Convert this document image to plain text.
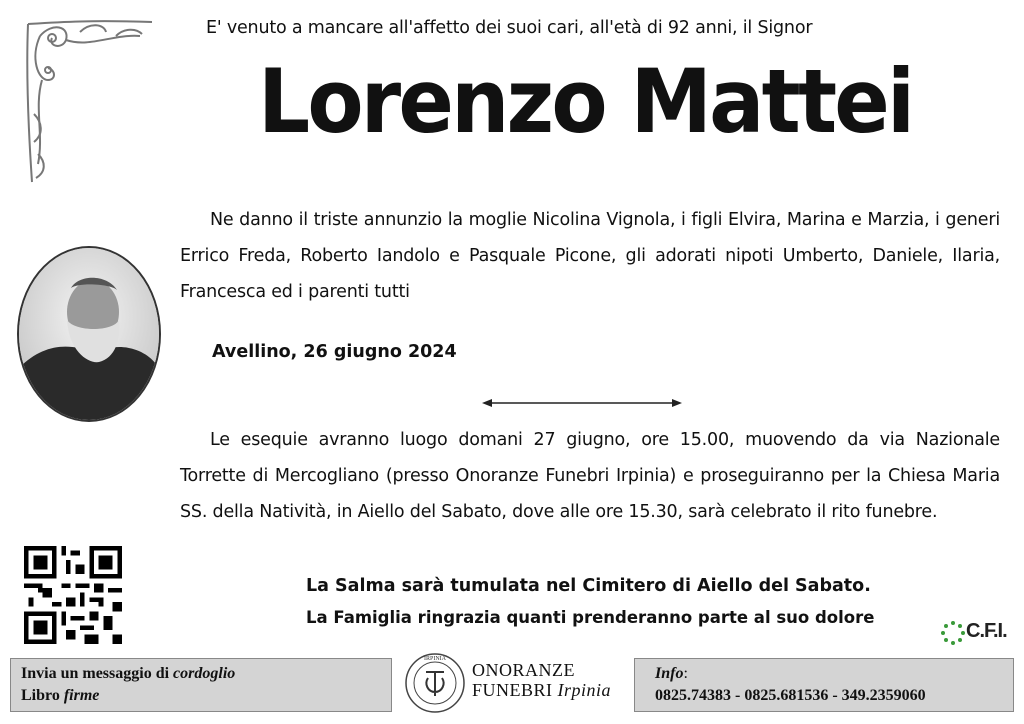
E' venuto a mancare all'affetto dei suoi cari, all'età di 92 anni, il Signor
Lorenzo Mattei
Ne danno il triste annunzio la moglie Nicolina Vignola, i figli Elvira, Marina e Marzia, i generi Errico Freda, Roberto Iandolo e Pasquale Picone, gli adorati nipoti Umberto, Daniele, Ilaria, Francesca ed i parenti tutti
Avellino, 26 giugno 2024
Le esequie avranno luogo domani 27 giugno, ore 15.00, muovendo da via Nazionale Torrette di Mercogliano (presso Onoranze Funebri Irpinia) e proseguiranno per la Chiesa Maria SS. della Natività, in Aiello del Sabato, dove alle ore 15.30, sarà celebrato il rito funebre.
La Salma sarà tumulata nel Cimitero di Aiello del Sabato.
La Famiglia ringrazia quanti prenderanno parte al suo dolore
C.F.I.
Invia un messaggio di cordoglio
Libro firme
IRPINIA
ONORANZE
FUNEBRI Irpinia
Info:
0825.74383 - 0825.681536 - 349.2359060
